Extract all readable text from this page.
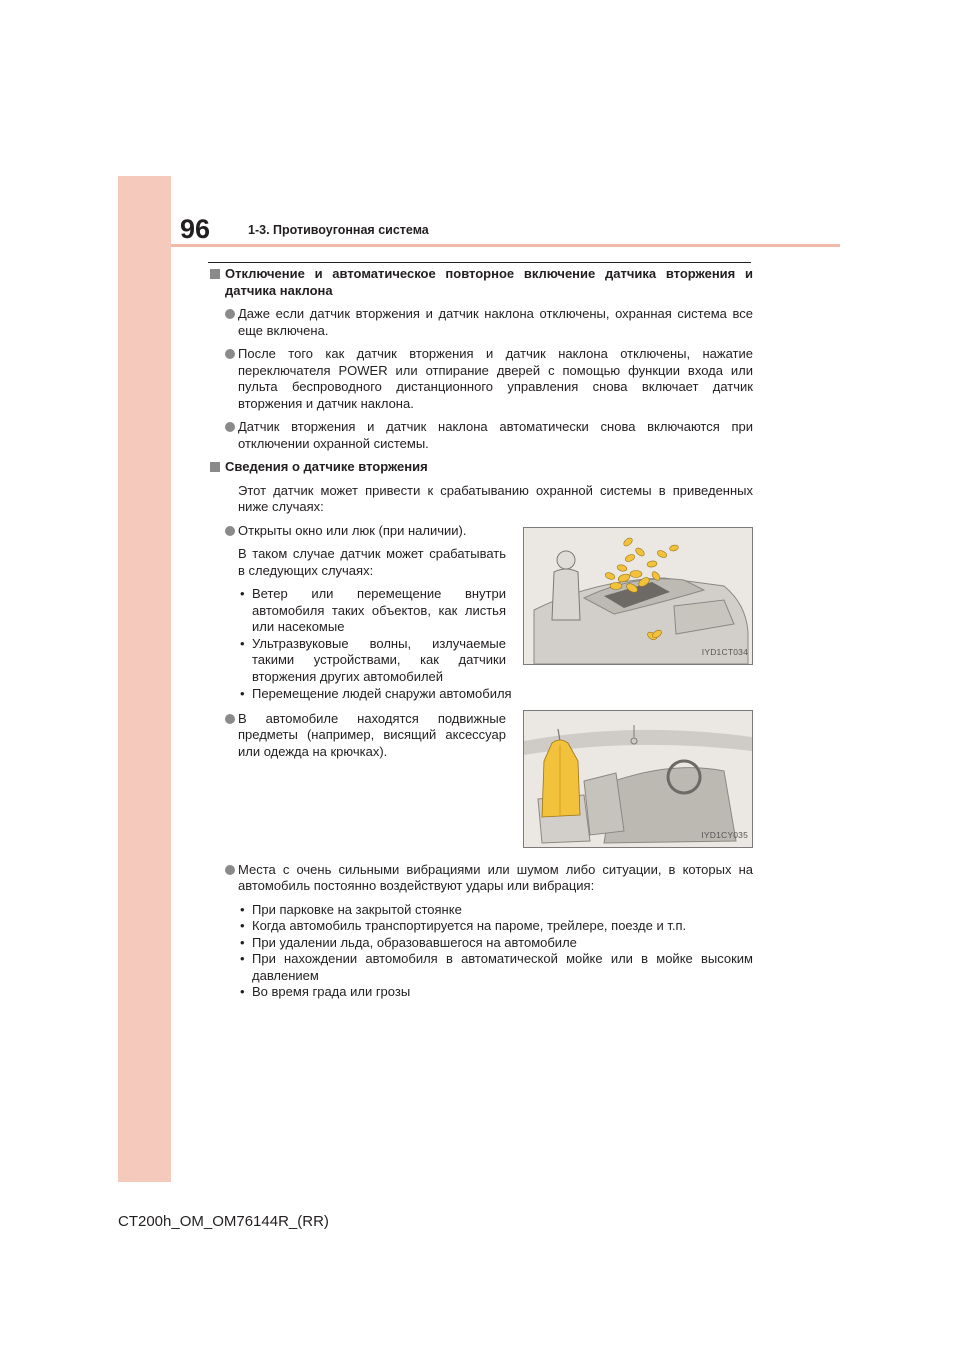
96	1-3. Противоугонная система
Отключение и автоматическое повторное включение датчика вторжения и датчика наклона
Даже если датчик вторжения и датчик наклона отключены, охранная система все еще включена.
После того как датчик вторжения и датчик наклона отключены, нажатие переключателя POWER или отпирание дверей с помощью функции входа или пульта беспроводного дистанционного управления снова включает датчик вторжения и датчик наклона.
Датчик вторжения и датчик наклона автоматически снова включаются при отключении охранной системы.
Сведения о датчике вторжения
Этот датчик может привести к срабатыванию охранной системы в приведенных ниже случаях:
Открыты окно или люк (при наличии).
В таком случае датчик может срабатывать в следующих случаях:
• Ветер или перемещение внутри автомобиля таких объектов, как листья или насекомые
• Ультразвуковые волны, излучаемые такими устройствами, как датчики вторжения других автомобилей
IYD1CT034
• Перемещение людей снаружи автомобиля
В автомобиле находятся подвижные предметы (например, висящий аксессуар или одежда на крючках).
IYD1CY035
Места с очень сильными вибрациями или шумом либо ситуации, в которых на автомобиль постоянно воздействуют удары или вибрация:
• При парковке на закрытой стоянке
• Когда автомобиль транспортируется на пароме, трейлере, поезде и т.п.
• При удалении льда, образовавшегося на автомобиле
• При нахождении автомобиля в автоматической мойке или в мойке высоким давлением
• Во время града или грозы
CT200h_OM_OM76144R_(RR)
